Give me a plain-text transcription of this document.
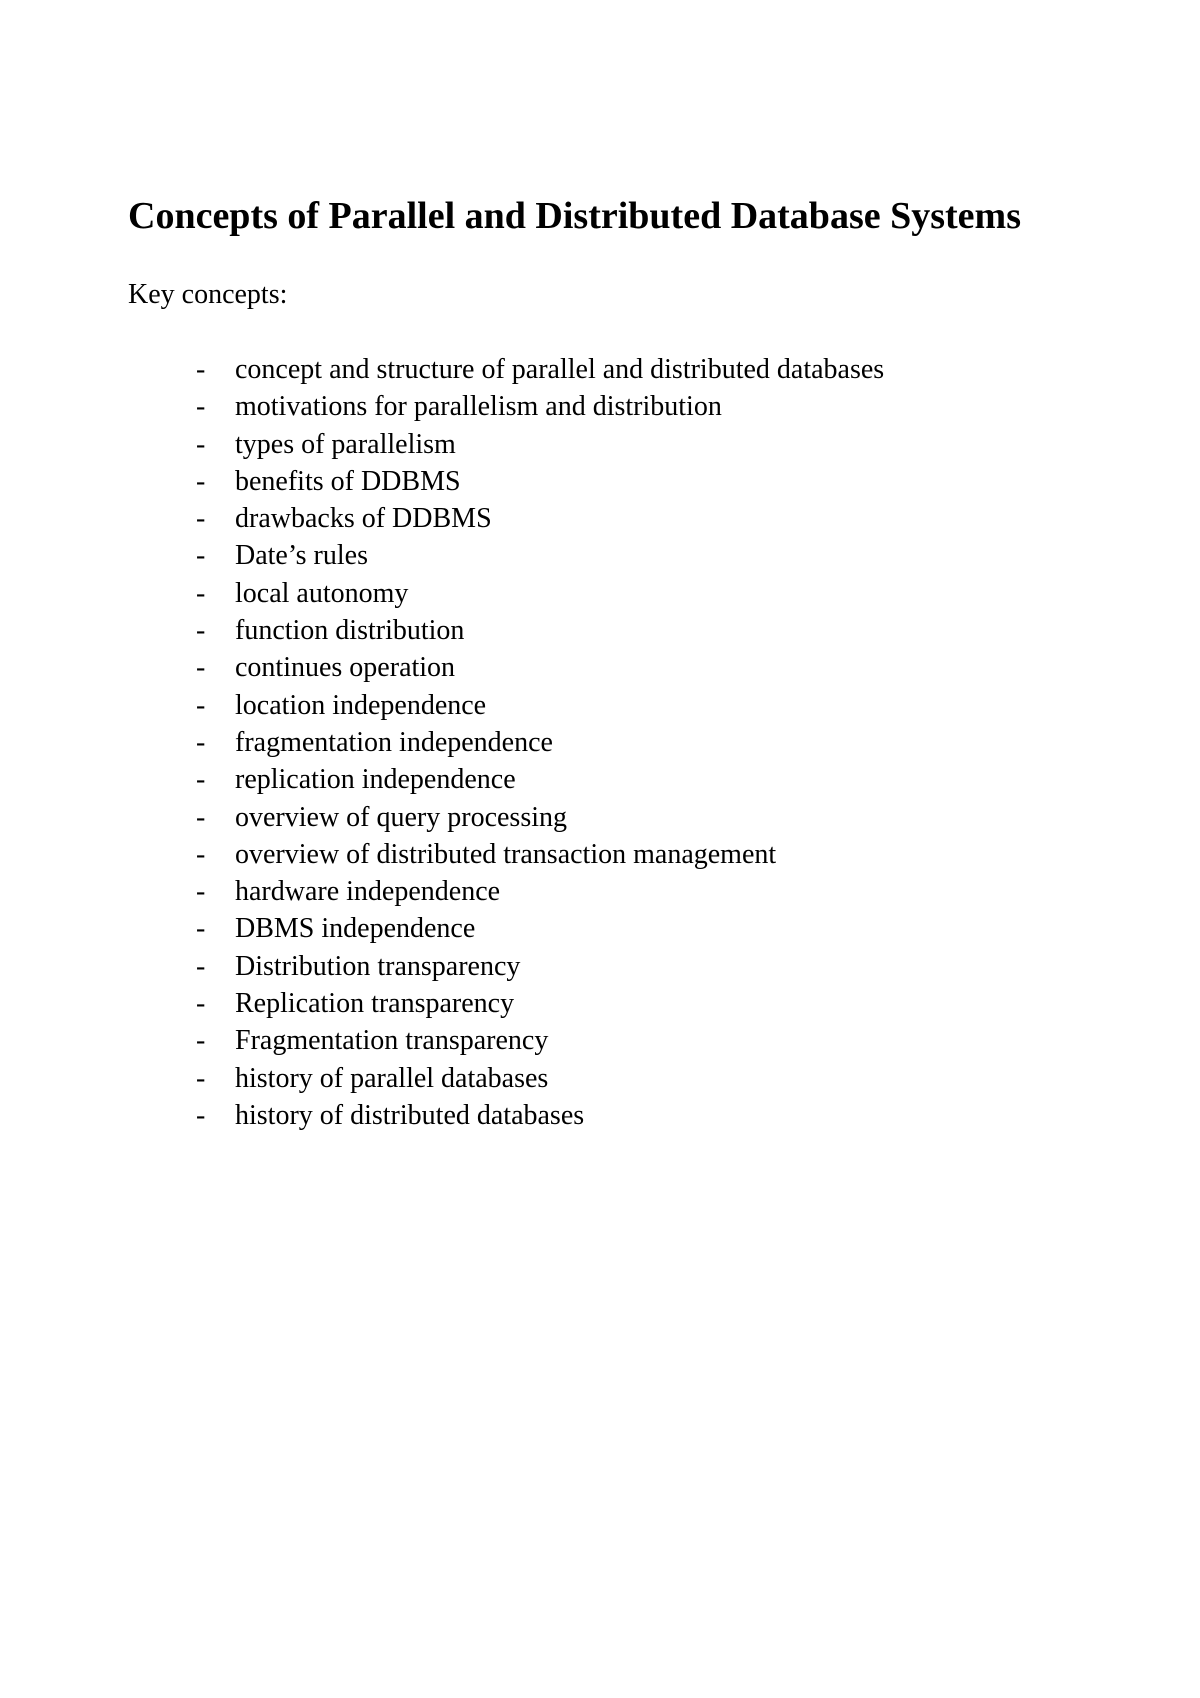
Concepts of Parallel and Distributed Database Systems

Key concepts:

- concept and structure of parallel and distributed databases
- motivations for parallelism and distribution
- types of parallelism
- benefits of DDBMS
- drawbacks of DDBMS
- Date’s rules
- local autonomy
- function distribution
- continues operation
- location independence
- fragmentation independence
- replication independence
- overview of query processing
- overview of distributed transaction management
- hardware independence
- DBMS independence
- Distribution transparency
- Replication transparency
- Fragmentation transparency
- history of parallel databases
- history of distributed databases
